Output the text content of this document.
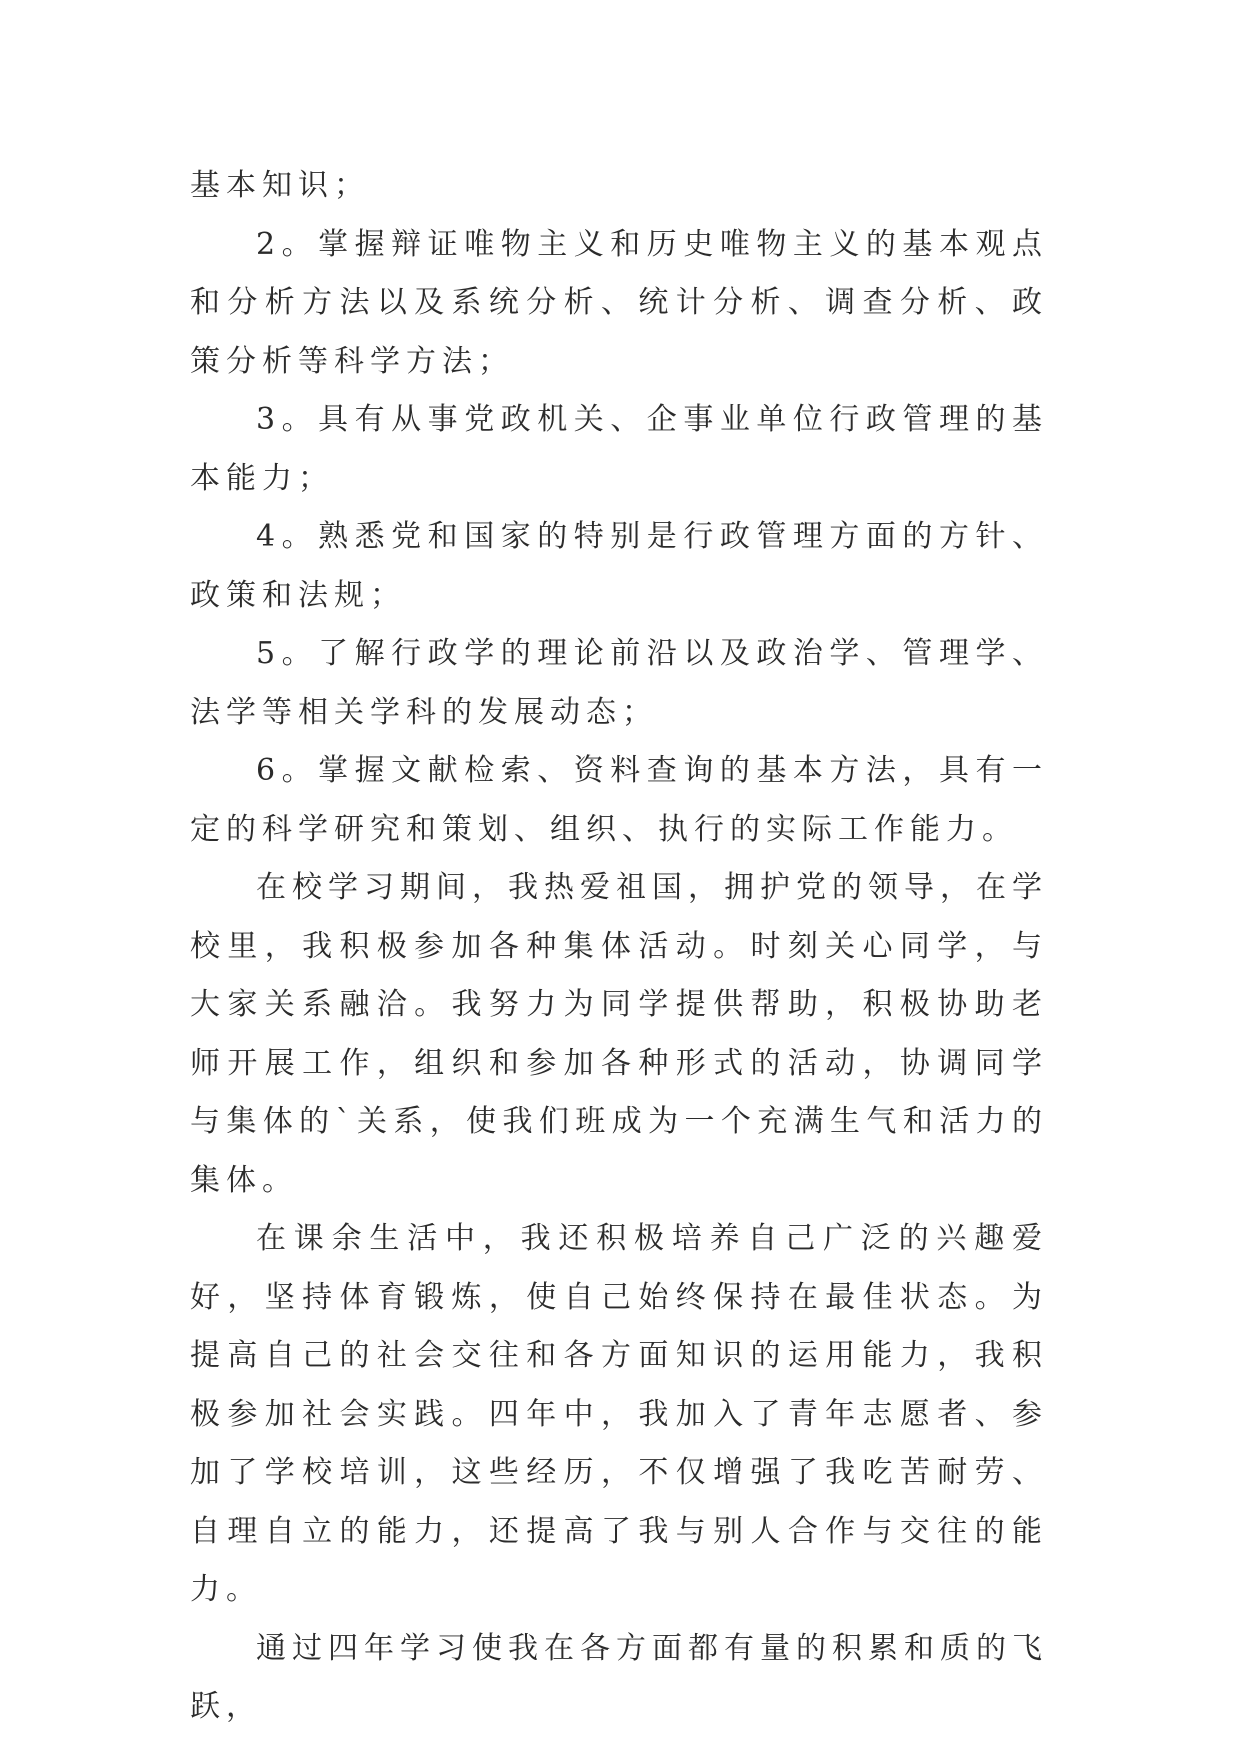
基本知识；

2。掌握辩证唯物主义和历史唯物主义的基本观点和分析方法以及系统分析、统计分析、调查分析、政策分析等科学方法；

3。具有从事党政机关、企事业单位行政管理的基本能力；

4。熟悉党和国家的特别是行政管理方面的方针、政策和法规；

5。了解行政学的理论前沿以及政治学、管理学、法学等相关学科的发展动态；

6。掌握文献检索、资料查询的基本方法，具有一定的科学研究和策划、组织、执行的实际工作能力。

在校学习期间，我热爱祖国，拥护党的领导，在学校里，我积极参加各种集体活动。时刻关心同学，与大家关系融洽。我努力为同学提供帮助，积极协助老师开展工作，组织和参加各种形式的活动，协调同学与集体的`关系，使我们班成为一个充满生气和活力的集体。

在课余生活中，我还积极培养自己广泛的兴趣爱好，坚持体育锻炼，使自己始终保持在最佳状态。为提高自己的社会交往和各方面知识的运用能力，我积极参加社会实践。四年中，我加入了青年志愿者、参加了学校培训，这些经历，不仅增强了我吃苦耐劳、自理自立的能力，还提高了我与别人合作与交往的能力。

通过四年学习使我在各方面都有量的积累和质的飞跃，
